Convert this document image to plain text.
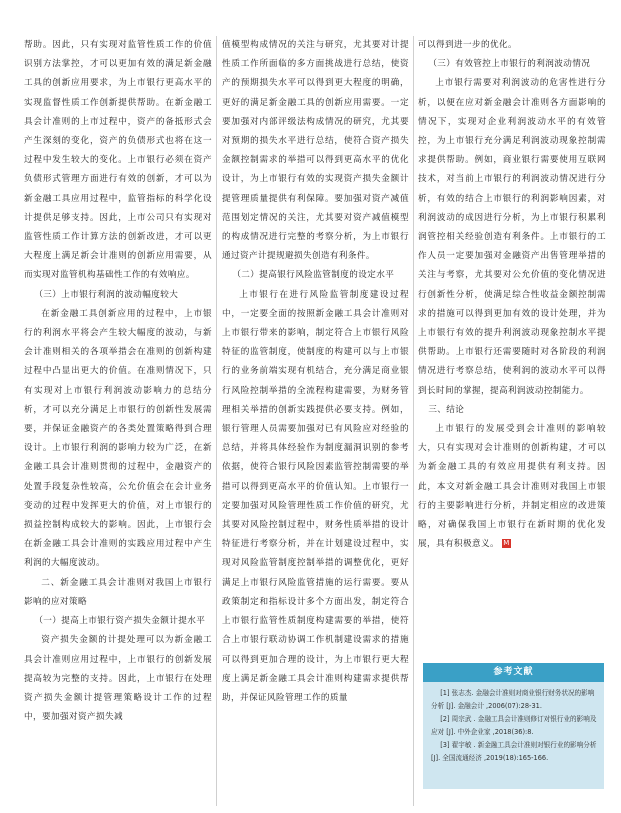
帮助。因此，只有实现对监管性质工作的价值识别方法掌控，才可以更加有效的满足新金融工具的创新应用要求，为上市银行更高水平的实现监督性质工作创新提供帮助。在新金融工具会计准则的上市过程中，资产的备抵形式会产生深刻的变化，资产的负债形式也将在这一过程中发生较大的变化。上市银行必须在资产负债形式管理方面进行有效的创新，才可以为新金融工具应用过程中，监管指标的科学化设计提供足够支持。因此，上市公司只有实现对监管性质工作计算方法的创新改进，才可以更大程度上满足新会计准则的创新应用需要，从而实现对监管机构基础性工作的有效响应。

（三）上市银行利润的波动幅度较大

在新金融工具创新应用的过程中，上市银行的利润水平将会产生较大幅度的波动，与新会计准则相关的各项举措会在准则的创新构建过程中凸显出更大的价值。在准则情况下，只有实现对上市银行利润波动影响力的总结分析，才可以充分满足上市银行的创新性发展需要，并保证金融资产的各类处置策略得到合理设计。上市银行利润的影响力较为广泛，在新金融工具会计准则贯彻的过程中，金融资产的处置手段复杂性较高，公允价值会在会计业务变动的过程中发挥更大的价值，对上市银行的损益控制构成较大的影响。因此，上市银行会在新金融工具会计准则的实践应用过程中产生利润的大幅度波动。

二、新金融工具会计准则对我国上市银行影响的应对策略

（一）提高上市银行资产损失金额计提水平

资产损失金额的计提处理可以为新金融工具会计准则应用过程中，上市银行的创新发展提高较为完整的支持。因此，上市银行在处理资产损失金额计提管理策略设计工作的过程中，要加强对资产损失减

值模型构成情况的关注与研究，尤其要对计提性质工作所面临的多方面挑战进行总结，使资产的预期损失水平可以得到更大程度的明确，更好的满足新金融工具的创新应用需要。一定要加强对内部评级法构成情况的研究，尤其要对预期的损失水平进行总结，使符合资产损失金额控制需求的举措可以得到更高水平的优化设计，为上市银行有效的实现资产损失金额计提管理质量提供有利保障。要加强对资产减值范围划定情况的关注，尤其要对资产减值模型的构成情况进行完整的考察分析，为上市银行通过资产计提规避损失创造有利条件。

（二）提高银行风险监管制度的设定水平

上市银行在进行风险监管制度建设过程中，一定要全面的按照新金融工具会计准则对上市银行带来的影响，制定符合上市银行风险特征的监管制度，使制度的构建可以与上市银行的业务前端实现有机结合，充分满足商业银行风险控制举措的全流程构建需要，为财务管理相关举措的创新实践提供必要支持。例如，银行管理人员需要加强对已有风险应对经验的总结，并将具体经验作为制度漏洞识别的参考依据，使符合银行风险因素监管控制需要的举措可以得到更高水平的价值认知。上市银行一定要加强对风险管理性质工作价值的研究，尤其要对风险控制过程中，财务性质举措的设计特征进行考察分析，并在计划建设过程中，实现对风险监管制度控制举措的调整优化，更好满足上市银行风险监管措施的运行需要。要从政策制定和指标设计多个方面出发，制定符合上市银行监管性质制度构建需要的举措，使符合上市银行联动协调工作机制建设需求的措施可以得到更加合理的设计，为上市银行更大程度上满足新金融工具会计准则构建需求提供帮助，并保证风险管理工作的质量

可以得到进一步的优化。

（三）有效管控上市银行的利润波动情况

上市银行需要对利润波动的危害性进行分析，以便在应对新金融会计准则各方面影响的情况下，实现对企业利润波动水平的有效管控，为上市银行充分满足利润波动现象控制需求提供帮助。例如，商业银行需要使用互联网技术，对当前上市银行的利润波动情况进行分析，有效的结合上市银行的利润影响因素，对利润波动的成因进行分析，为上市银行积累利润管控相关经验创造有利条件。上市银行的工作人员一定要加强对金融资产出售管理举措的关注与考察，尤其要对公允价值的变化情况进行创新性分析，使满足综合性收益金额控制需求的措施可以得到更加有效的设计处理，并为上市银行有效的提升利润波动现象控制水平提供帮助。上市银行还需要随时对各阶段的利润情况进行考察总结，使利润的波动水平可以得到长时间的掌握，提高利润波动控制能力。

三、结论

上市银行的发展受到会计准则的影响较大，只有实现对会计准则的创新构建，才可以为新金融工具的有效应用提供有利支持。因此，本文对新金融工具会计准则对我国上市银行的主要影响进行分析，并制定相应的改进策略，对确保我国上市银行在新时期的优化发展，具有积极意义。 M

参考文献
[1] 张志杰. 金融会计准则对商业银行财务状况的影响分析 [J]. 金融会计 ,2006(07):28-31.
[2] 周宗武 . 金融工具会计准则修订对银行业的影响及应对 [J]. 中外企业家 ,2018(36):8.
[3] 翟宇敏 . 新金融工具会计准则对银行业的影响分析 [J]. 全国流通经济 ,2019(18):165-166.
